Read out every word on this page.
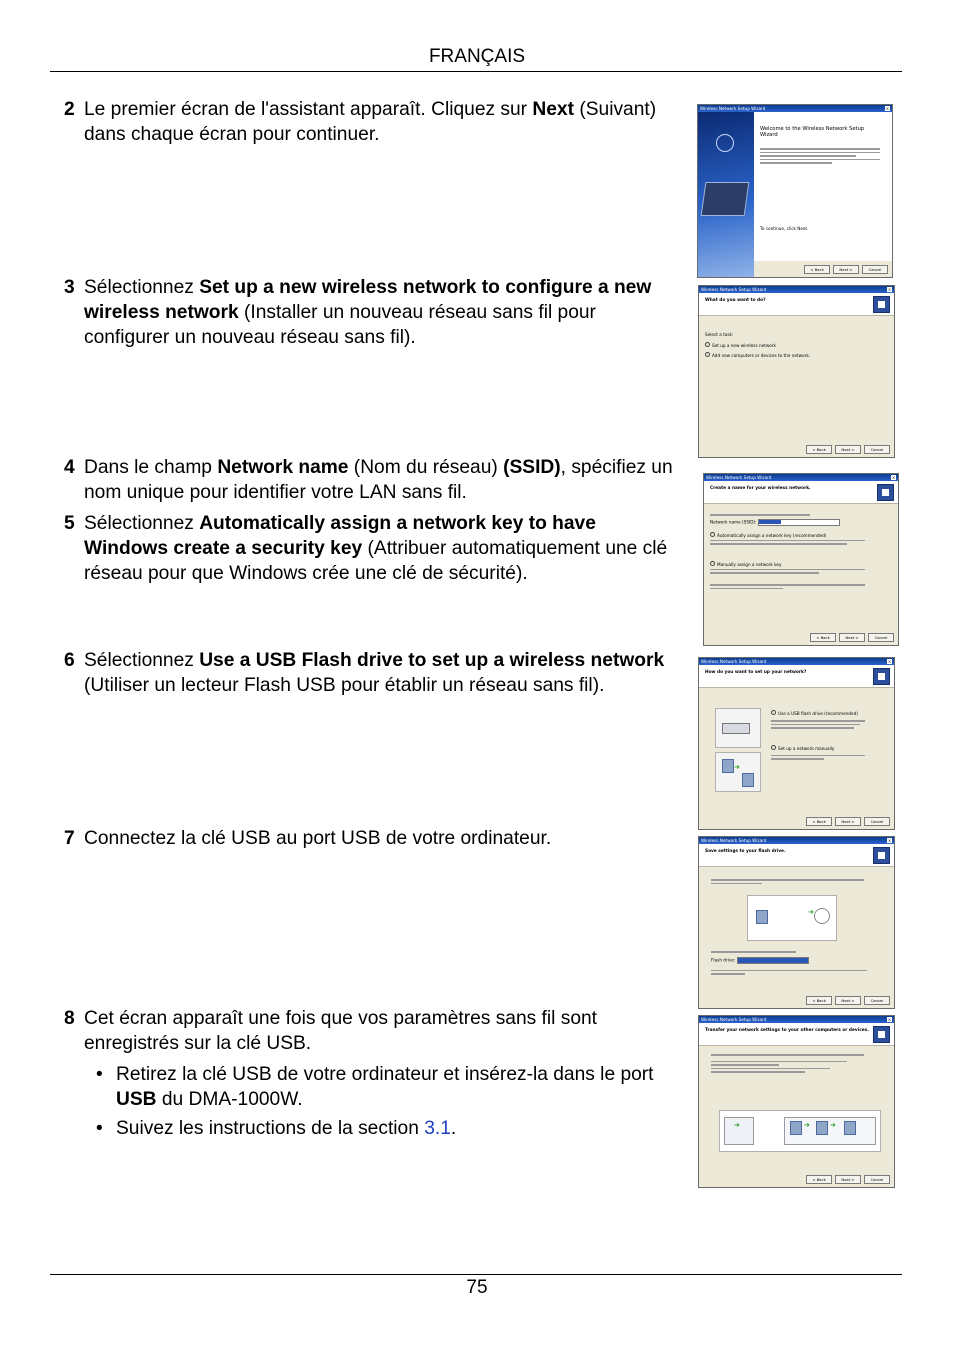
FRANÇAIS
2 Le premier écran de l'assistant apparaît. Cliquez sur Next (Suivant) dans chaque écran pour continuer.
3 Sélectionnez Set up a new wireless network to configure a new wireless network (Installer un nouveau réseau sans fil pour configurer un nouveau réseau sans fil).
4 Dans le champ Network name (Nom du réseau) (SSID), spécifiez un nom unique pour identifier votre LAN sans fil.
5 Sélectionnez Automatically assign a network key to have Windows create a security key (Attribuer automatiquement une clé réseau pour que Windows crée une clé de sécurité).
6 Sélectionnez Use a USB Flash drive to set up a wireless network (Utiliser un lecteur Flash USB pour établir un réseau sans fil).
7 Connectez la clé USB au port USB de votre ordinateur.
8 Cet écran apparaît une fois que vos paramètres sans fil sont enregistrés sur la clé USB.
• Retirez la clé USB de votre ordinateur et insérez-la dans le port USB du DMA-1000W.
• Suivez les instructions de la section 3.1.
Wireless Network Setup Wizard	×
Welcome to the Wireless Network Setup Wizard
To continue, click Next.
< Back	Next >	Cancel
Wireless Network Setup Wizard	×
What do you want to do?
Select a task:
Set up a new wireless network
Add new computers or devices to the network.
< Back	Next >	Cancel
Wireless Network Setup Wizard	×
Create a name for your wireless network.
Network name (SSID):
Automatically assign a network key (recommended)
Manually assign a network key
< Back	Next >	Cancel
Wireless Network Setup Wizard	×
How do you want to set up your network?
➜
Use a USB flash drive (recommended)
Set up a network manually
< Back	Next >	Cancel
Wireless Network Setup Wizard	×
Save settings to your flash drive.
➜
Flash drive:
< Back	Next >	Cancel
Wireless Network Setup Wizard	×
Transfer your network settings to your other computers or devices.
➜	➜	➜
< Back	Next >	Cancel
75
